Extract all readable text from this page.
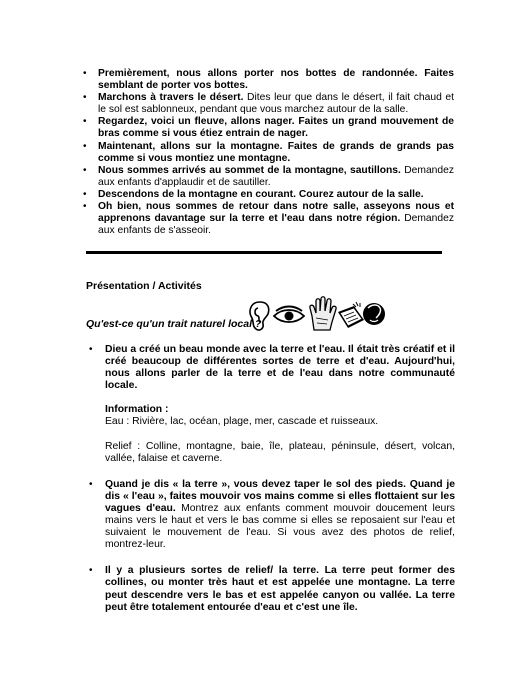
• Premièrement, nous allons porter nos bottes de randonnée. Faites semblant de porter vos bottes.
• Marchons à travers le désert. Dites leur que dans le désert, il fait chaud et le sol est sablonneux, pendant que vous marchez autour de la salle.
• Regardez, voici un fleuve, allons nager. Faites un grand mouvement de bras comme si vous étiez entrain de nager.
• Maintenant, allons sur la montagne. Faites de grands de grands pas comme si vous montiez une montagne.
• Nous sommes arrivés au sommet de la montagne, sautillons. Demandez aux enfants d'applaudir et de sautiller.
• Descendons de la montagne en courant. Courez autour de la salle.
• Oh bien, nous sommes de retour dans notre salle, asseyons nous et apprenons davantage sur la terre et l'eau dans notre région. Demandez aux enfants de s'asseoir.
Présentation / Activités
Qu'est-ce qu'un trait naturel local ?
• Dieu a créé un beau monde avec la terre et l'eau. Il était très créatif et il créé beaucoup de différentes sortes de terre et d'eau. Aujourd'hui, nous allons parler de la terre et de l'eau dans notre communauté locale.
Information :
Eau : Rivière, lac, océan, plage, mer, cascade et ruisseaux.
Relief : Colline, montagne, baie, île, plateau, péninsule, désert, volcan, vallée, falaise et caverne.
• Quand je dis « la terre », vous devez taper le sol des pieds. Quand je dis « l'eau », faites mouvoir vos mains comme si elles flottaient sur les vagues d'eau. Montrez aux enfants comment mouvoir doucement leurs mains vers le haut et vers le bas comme si elles se reposaient sur l'eau et suivaient le mouvement de l'eau. Si vous avez des photos de relief, montrez-leur.
• Il y a plusieurs sortes de relief/ la terre. La terre peut former des collines, ou monter très haut et est appelée une montagne. La terre peut descendre vers le bas et est appelée canyon ou vallée. La terre peut être totalement entourée d'eau et c'est une île.
